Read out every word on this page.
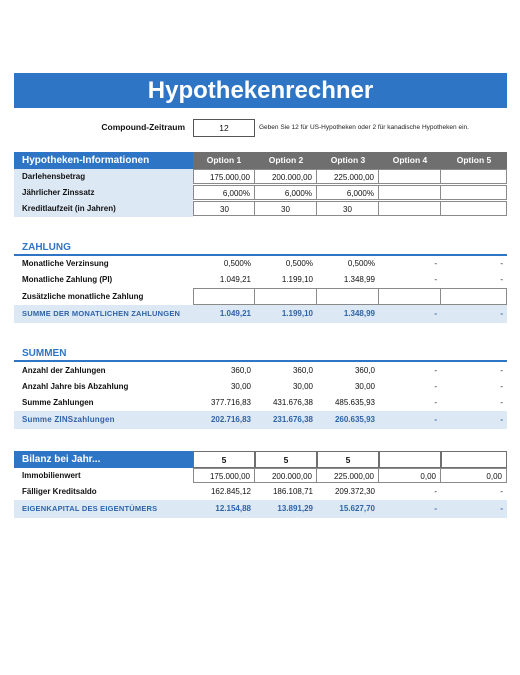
Hypothekenrechner
Compound-Zeitraum	12	Geben Sie 12 für US-Hypotheken oder 2 für kanadische Hypotheken ein.
Hypotheken-Informationen	Option 1	Option 2	Option 3	Option 4	Option 5
Darlehensbetrag	175.000,00	200.000,00	225.000,00
Jährlicher Zinssatz	6,000%	6,000%	6,000%
Kreditlaufzeit (in Jahren)	30	30	30
ZAHLUNG
Monatliche Verzinsung	0,500%	0,500%	0,500%	-	-
Monatliche Zahlung (PI)	1.049,21	1.199,10	1.348,99	-	-
Zusätzliche monatliche Zahlung
SUMME DER MONATLICHEN ZAHLUNGEN	1.049,21	1.199,10	1.348,99	-	-
SUMMEN
Anzahl der Zahlungen	360,0	360,0	360,0	-	-
Anzahl Jahre bis Abzahlung	30,00	30,00	30,00	-	-
Summe Zahlungen	377.716,83	431.676,38	485.635,93	-	-
Summe ZINSzahlungen	202.716,83	231.676,38	260.635,93	-	-
Bilanz bei Jahr...	5	5	5
Immobilienwert	175.000,00	200.000,00	225.000,00	0,00	0,00
Fälliger Kreditsaldo	162.845,12	186.108,71	209.372,30	-	-
EIGENKAPITAL DES EIGENTÜMERS	12.154,88	13.891,29	15.627,70	-	-
